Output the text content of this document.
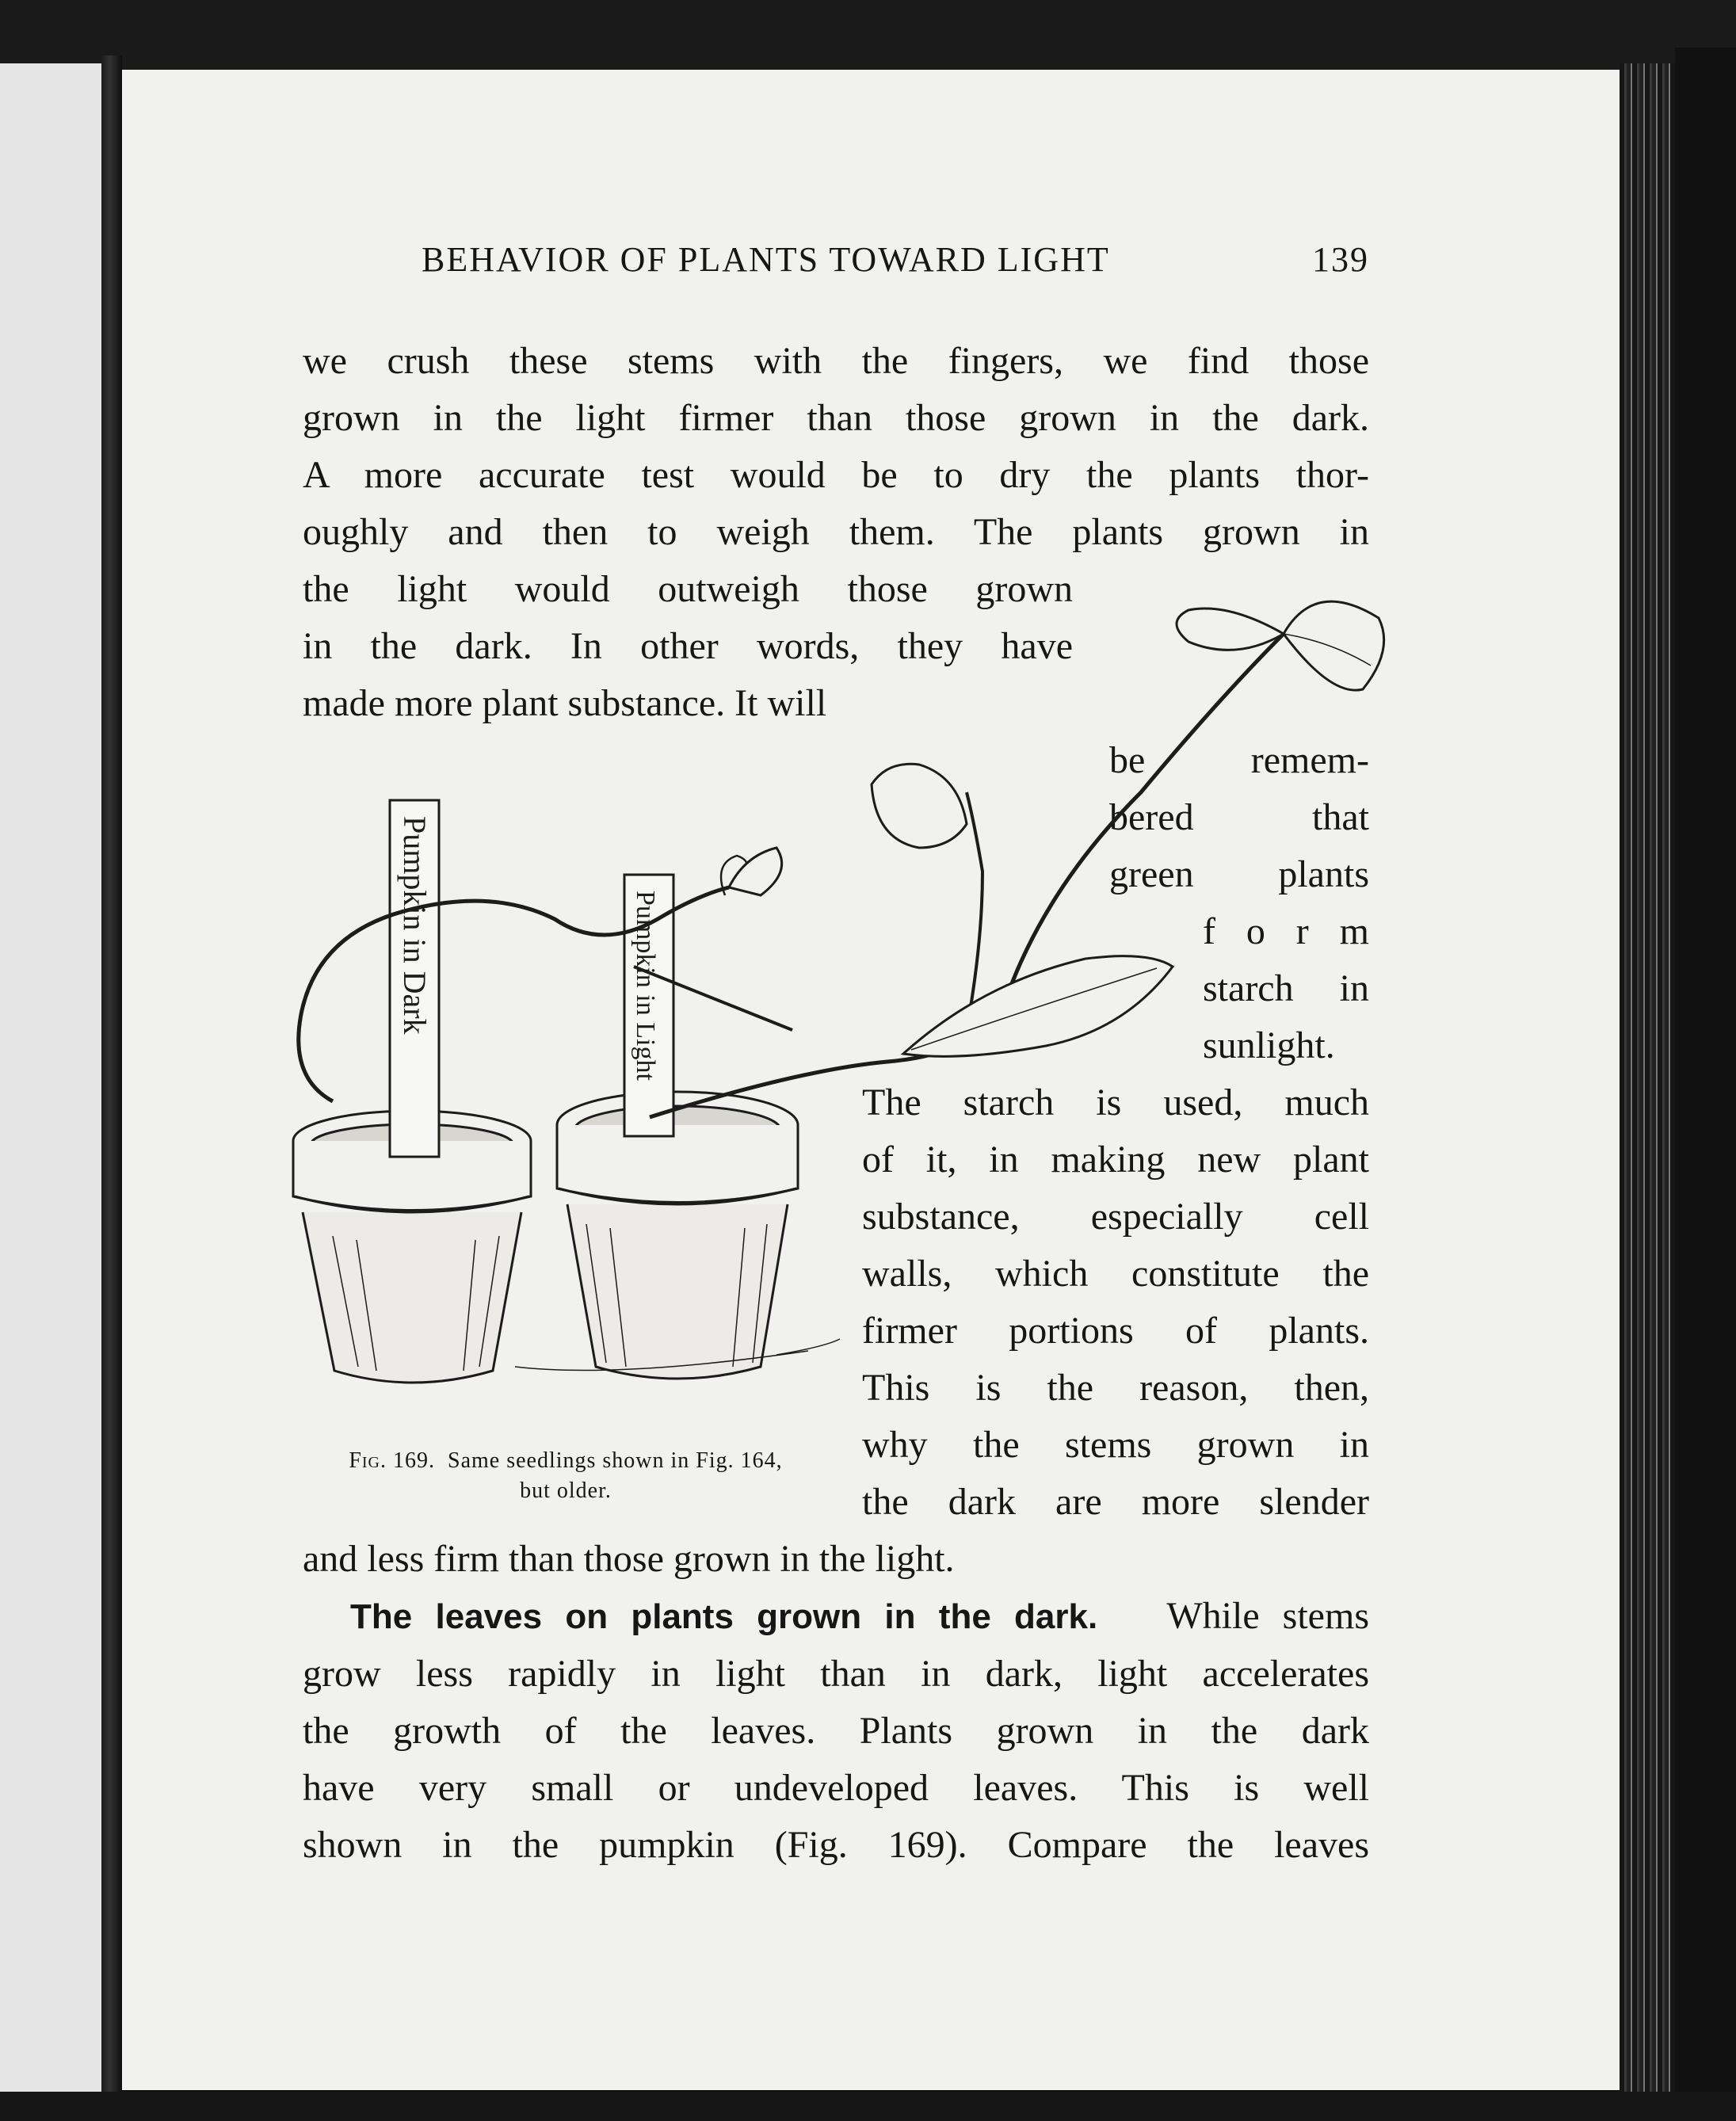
BEHAVIOR OF PLANTS TOWARD LIGHT	139
we crush these stems with the fingers, we find those
grown in the light firmer than those grown in the dark.
A more accurate test would be to dry the plants thor-
oughly and then to weigh them. The plants grown in
the light would outweigh those grown
in the dark. In other words, they have
made more plant substance. It will
be remem-
bered that
green plants
f o r m
starch in
sunlight.
The starch is used, much
of it, in making new plant
substance, especially cell
walls, which constitute the
firmer portions of plants.
This is the reason, then,
why the stems grown in
the dark are more slender
and less firm than those grown in the light.
The leaves on plants grown in the dark. While stems
grow less rapidly in light than in dark, light accelerates
the growth of the leaves. Plants grown in the dark
have very small or undeveloped leaves. This is well
shown in the pumpkin (Fig. 169). Compare the leaves
Pumpkin in Dark	Pumpkin in Light
Fig. 169. Same seedlings shown in Fig. 164,
but older.
